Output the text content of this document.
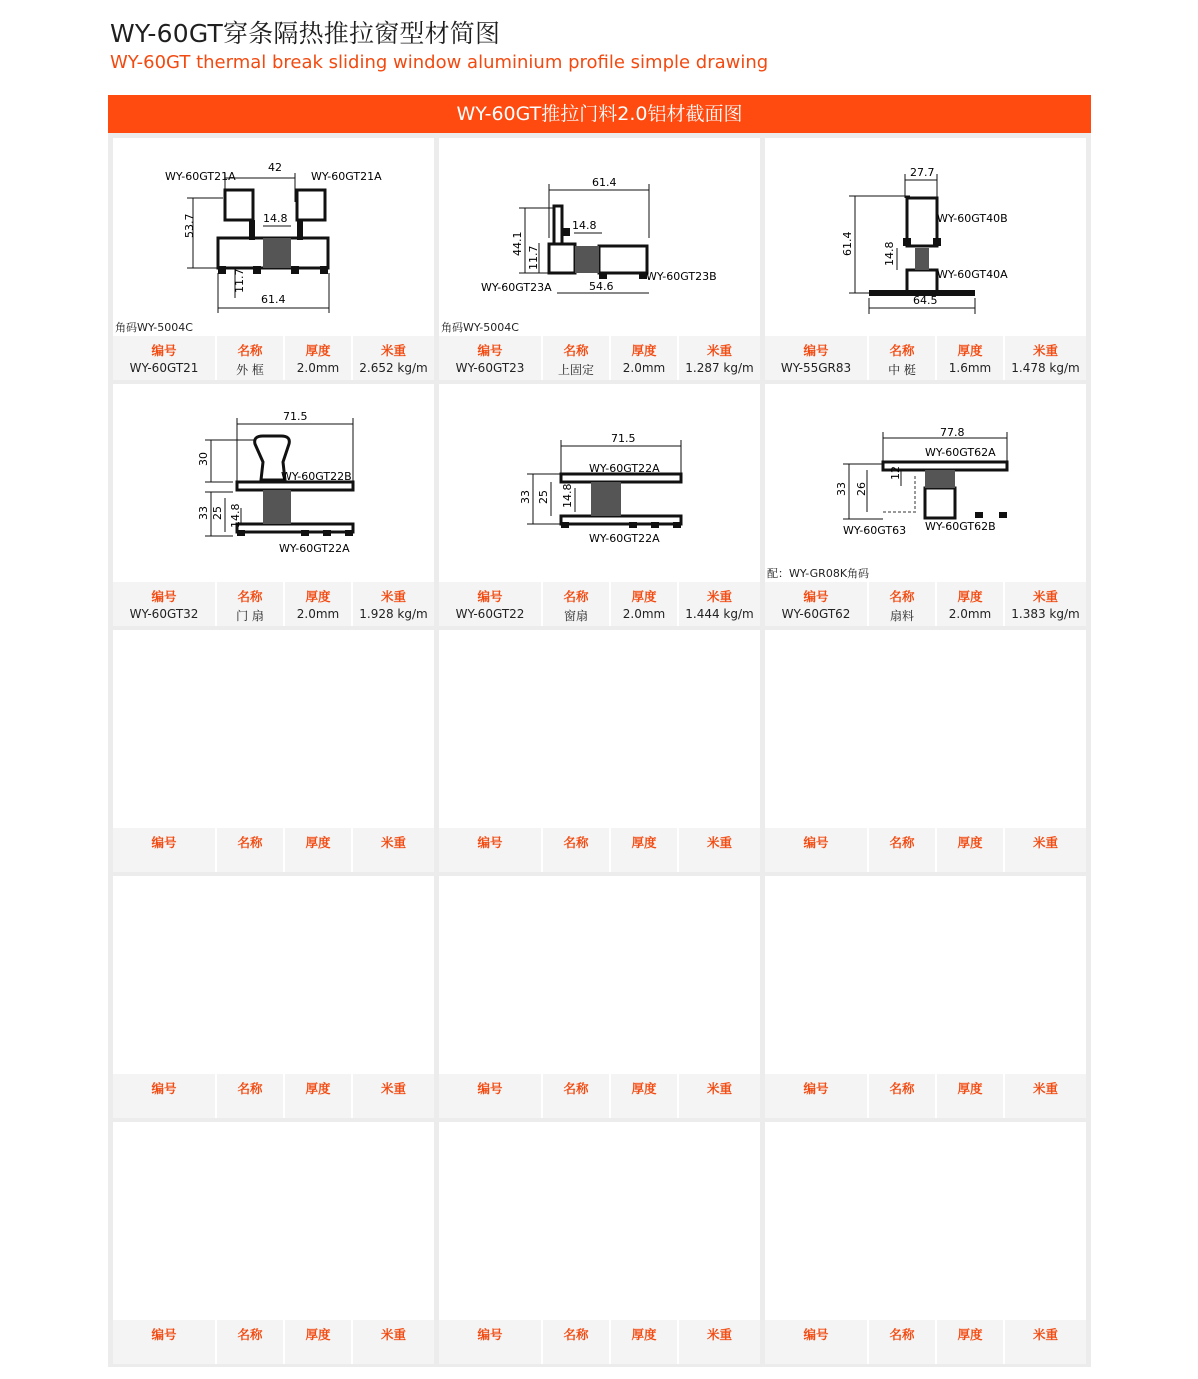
WY-60GT穿条隔热推拉窗型材简图
WY-60GT thermal break sliding window aluminium profile simple drawing
WY-60GT推拉门料2.0铝材截面图
WY-60GT21A	WY-60GT21A
42
14.8
53.7
11.7
61.4
角码WY-5004C
编号
WY-60GT21
名称
外 框
厚度
2.0mm
米重
2.652 kg/m
WY-60GT23A
WY-60GT23B
61.4
14.8
44.1
11.7
54.6
角码WY-5004C
编号
WY-60GT23
名称
上固定
厚度
2.0mm
米重
1.287 kg/m
WY-60GT40B
WY-60GT40A
27.7
61.4	14.8
64.5
编号
WY-55GR83
名称
中 梃
厚度
1.6mm
米重
1.478 kg/m
WY-60GT22B
WY-60GT22A
71.5
30
33 25 14.8
编号
WY-60GT32
名称
门 扇
厚度
2.0mm
米重
1.928 kg/m
WY-60GT22A
WY-60GT22A
71.5
33 25 14.8
编号
WY-60GT22
名称
窗扇
厚度
2.0mm
米重
1.444 kg/m
WY-60GT62A
WY-60GT63 WY-60GT62B
77.8
33 26
12
配：WY-GR08K角码
编号
WY-60GT62
名称
扇料
厚度
2.0mm
米重
1.383 kg/m
编号	名称	厚度	米重	编号	名称	厚度	米重	编号	名称	厚度	米重
编号	名称	厚度	米重	编号	名称	厚度	米重	编号	名称	厚度	米重
编号	名称	厚度	米重	编号	名称	厚度	米重	编号	名称	厚度	米重
